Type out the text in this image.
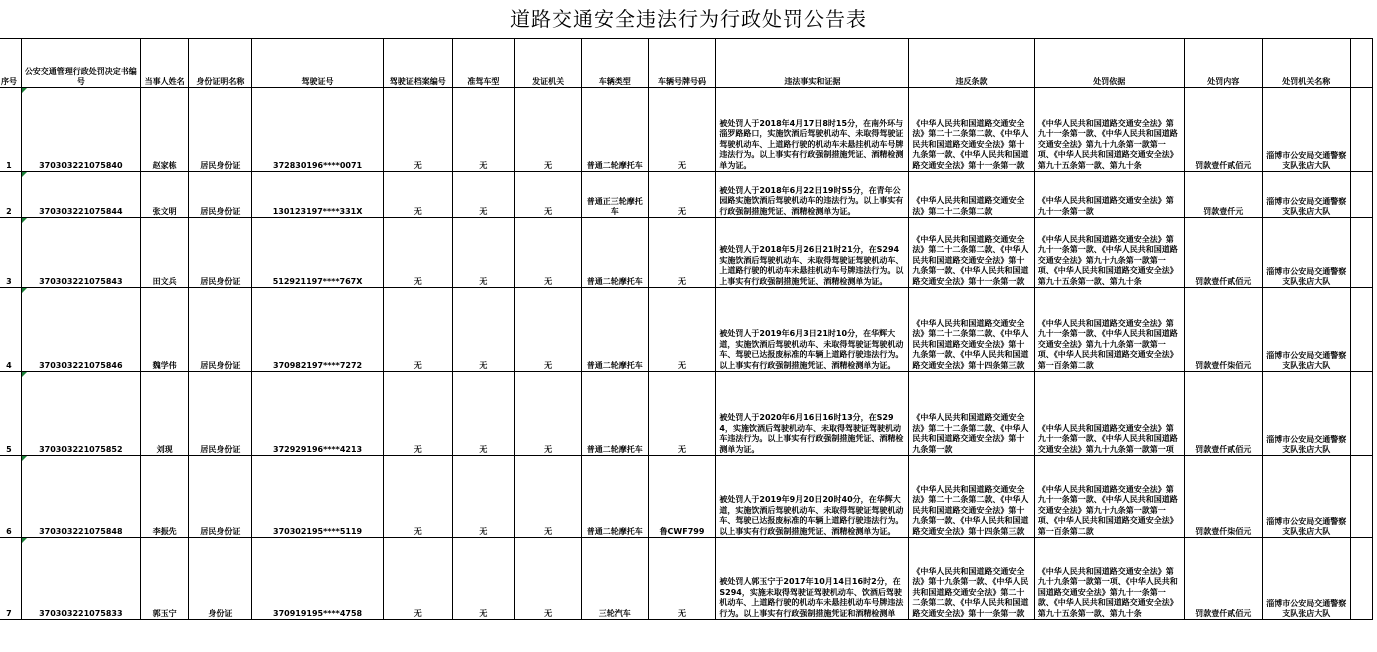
道路交通安全违法行为行政处罚公告表
序号	公安交通管理行政处罚决定书编号	当事人姓名	身份证明名称	驾驶证号	驾驶证档案编号	准驾车型	发证机关	车辆类型	车辆号牌号码	违法事实和证据	违反条款	处罚依据	处罚内容	处罚机关名称	
1	370303221075840	赵家栋	居民身份证	372830196****0071	无	无	无	普通二轮摩托车	无	被处罚人于2018年4月17日8时15分，在南外环与淄罗路路口，实施饮酒后驾驶机动车、未取得驾驶证驾驶机动车、上道路行驶的机动车未悬挂机动车号牌违法行为。以上事实有行政强制措施凭证、酒精检测单为证。	《中华人民共和国道路交通安全法》第二十二条第二款、《中华人民共和国道路交通安全法》第十九条第一款、《中华人民共和国道路交通安全法》第十一条第一款	《中华人民共和国道路交通安全法》第九十一条第一款、《中华人民共和国道路交通安全法》第九十九条第一款第一项、《中华人民共和国道路交通安全法》第九十五条第一款、第九十条	罚款壹仟贰佰元	淄博市公安局交通警察支队张店大队	
2	370303221075844	张文明	居民身份证	130123197****331X	无	无	无	普通正三轮摩托车	无	被处罚人于2018年6月22日19时55分，在青年公园路实施饮酒后驾驶机动车的违法行为。以上事实有行政强制措施凭证、酒精检测单为证。	《中华人民共和国道路交通安全法》第二十二条第二款	《中华人民共和国道路交通安全法》第九十一条第一款	罚款壹仟元	淄博市公安局交通警察支队张店大队	
3	370303221075843	田文兵	居民身份证	512921197****767X	无	无	无	普通二轮摩托车	无	被处罚人于2018年5月26日21时21分，在S294实施饮酒后驾驶机动车、未取得驾驶证驾驶机动车、上道路行驶的机动车未悬挂机动车号牌违法行为。以上事实有行政强制措施凭证、酒精检测单为证。	《中华人民共和国道路交通安全法》第二十二条第二款、《中华人民共和国道路交通安全法》第十九条第一款、《中华人民共和国道路交通安全法》第十一条第一款	《中华人民共和国道路交通安全法》第九十一条第一款、《中华人民共和国道路交通安全法》第九十九条第一款第一项、《中华人民共和国道路交通安全法》第九十五条第一款、第九十条	罚款壹仟贰佰元	淄博市公安局交通警察支队张店大队	
4	370303221075846	魏学伟	居民身份证	370982197****7272	无	无	无	普通二轮摩托车	无	被处罚人于2019年6月3日21时10分，在华辉大道，实施饮酒后驾驶机动车、未取得驾驶证驾驶机动车、驾驶已达报废标准的车辆上道路行驶违法行为。以上事实有行政强制措施凭证、酒精检测单为证。	《中华人民共和国道路交通安全法》第二十二条第二款、《中华人民共和国道路交通安全法》第十九条第一款、《中华人民共和国道路交通安全法》第十四条第三款	《中华人民共和国道路交通安全法》第九十一条第一款、《中华人民共和国道路交通安全法》第九十九条第一款第一项、《中华人民共和国道路交通安全法》第一百条第二款	罚款壹仟柒佰元	淄博市公安局交通警察支队张店大队	
5	370303221075852	刘现	居民身份证	372929196****4213	无	无	无	普通二轮摩托车	无	被处罚人于2020年6月16日16时13分，在S294，实施饮酒后驾驶机动车、未取得驾驶证驾驶机动车违法行为。以上事实有行政强制措施凭证、酒精检测单为证。	《中华人民共和国道路交通安全法》第二十二条第二款、《中华人民共和国道路交通安全法》第十九条第一款	《中华人民共和国道路交通安全法》第九十一条第一款、《中华人民共和国道路交通安全法》第九十九条第一款第一项	罚款壹仟贰佰元	淄博市公安局交通警察支队张店大队	
6	370303221075848	李振先	居民身份证	370302195****5119	无	无	无	普通二轮摩托车	鲁CWF799	被处罚人于2019年9月20日20时40分，在华辉大道，实施饮酒后驾驶机动车、未取得驾驶证驾驶机动车、驾驶已达报废标准的车辆上道路行驶违法行为。以上事实有行政强制措施凭证、酒精检测单为证。	《中华人民共和国道路交通安全法》第二十二条第二款、《中华人民共和国道路交通安全法》第十九条第一款、《中华人民共和国道路交通安全法》第十四条第三款	《中华人民共和国道路交通安全法》第九十一条第一款、《中华人民共和国道路交通安全法》第九十九条第一款第一项、《中华人民共和国道路交通安全法》第一百条第二款	罚款壹仟柒佰元	淄博市公安局交通警察支队张店大队	
7	370303221075833	郭玉宁	身份证	370919195****4758	无	无	无	三轮汽车	无	被处罚人郭玉宁于2017年10月14日16时2分，在S294，实施未取得驾驶证驾驶机动车、饮酒后驾驶机动车、上道路行驶的机动车未悬挂机动车号牌违法行为。以上事实有行政强制措施凭证和酒精检测单	《中华人民共和国道路交通安全法》第十九条第一款、《中华人民共和国道路交通安全法》第二十二条第二款、《中华人民共和国道路交通安全法》第十一条第一款	《中华人民共和国道路交通安全法》第九十九条第一款第一项、《中华人民共和国道路交通安全法》第九十一条第一款、《中华人民共和国道路交通安全法》第九十五条第一款、第九十条	罚款壹仟贰佰元	淄博市公安局交通警察支队张店大队	
